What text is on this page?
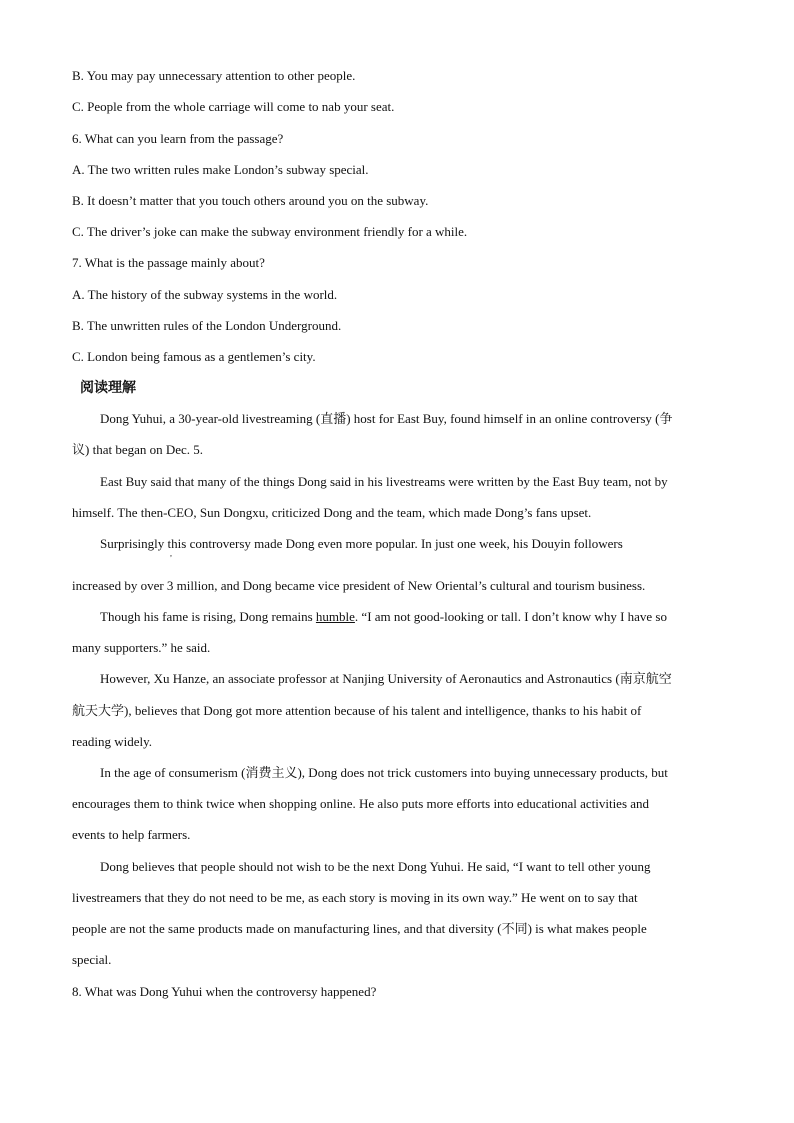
B. You may pay unnecessary attention to other people.
C. People from the whole carriage will come to nab your seat.
6. What can you learn from the passage?
A. The two written rules make London’s subway special.
B. It doesn’t matter that you touch others around you on the subway.
C. The driver’s joke can make the subway environment friendly for a while.
7. What is the passage mainly about?
A. The history of the subway systems in the world.
B. The unwritten rules of the London Underground.
C. London being famous as a gentlemen’s city.
阅读理解
Dong Yuhui, a 30-year-old livestreaming (直播) host for East Buy, found himself in an online controversy (争
议) that began on Dec. 5.
East Buy said that many of the things Dong said in his livestreams were written by the East Buy team, not by
himself. The then-CEO, Sun Dongxu, criticized Dong and the team, which made Dong’s fans upset.
Surprisingly this controversy made Dong even more popular. In just one week, his Douyin followers
,
increased by over 3 million, and Dong became vice president of New Oriental’s cultural and tourism business.
Though his fame is rising, Dong remains humble. “I am not good-looking or tall. I don’t know why I have so
many supporters.” he said.
However, Xu Hanze, an associate professor at Nanjing University of Aeronautics and Astronautics (南京航空
航天大学), believes that Dong got more attention because of his talent and intelligence, thanks to his habit of
reading widely.
In the age of consumerism (消费主义), Dong does not trick customers into buying unnecessary products, but
encourages them to think twice when shopping online. He also puts more efforts into educational activities and
events to help farmers.
Dong believes that people should not wish to be the next Dong Yuhui. He said, “I want to tell other young
livestreamers that they do not need to be me, as each story is moving in its own way.” He went on to say that
people are not the same products made on manufacturing lines, and that diversity (不同) is what makes people
special.
8. What was Dong Yuhui when the controversy happened?
